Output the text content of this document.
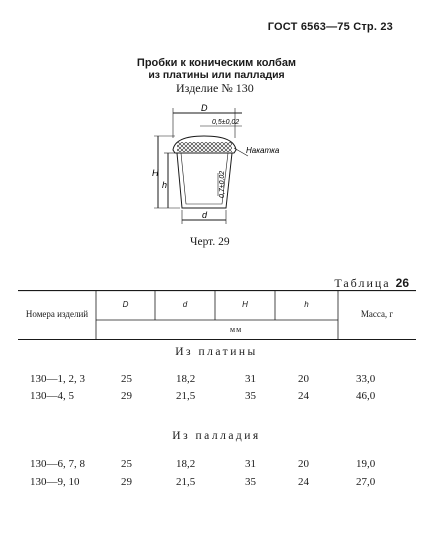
ГОСТ 6563—75 Стр. 23
Пробки к коническим колбам
из платины или палладия
Изделие № 130
D
0,5±0,02
Накатка
H
h	0,7±0,02
d
Черт. 29
Таблица 26
Номера изделий
D	d	H	h
Масса, г
мм
Из платины
130—1, 2, 3	25	18,2	31	20	33,0
130—4, 5	29	21,5	35	24	46,0
Из палладия
130—6, 7, 8	25	18,2	31	20	19,0
130—9, 10	29	21,5	35	24	27,0
